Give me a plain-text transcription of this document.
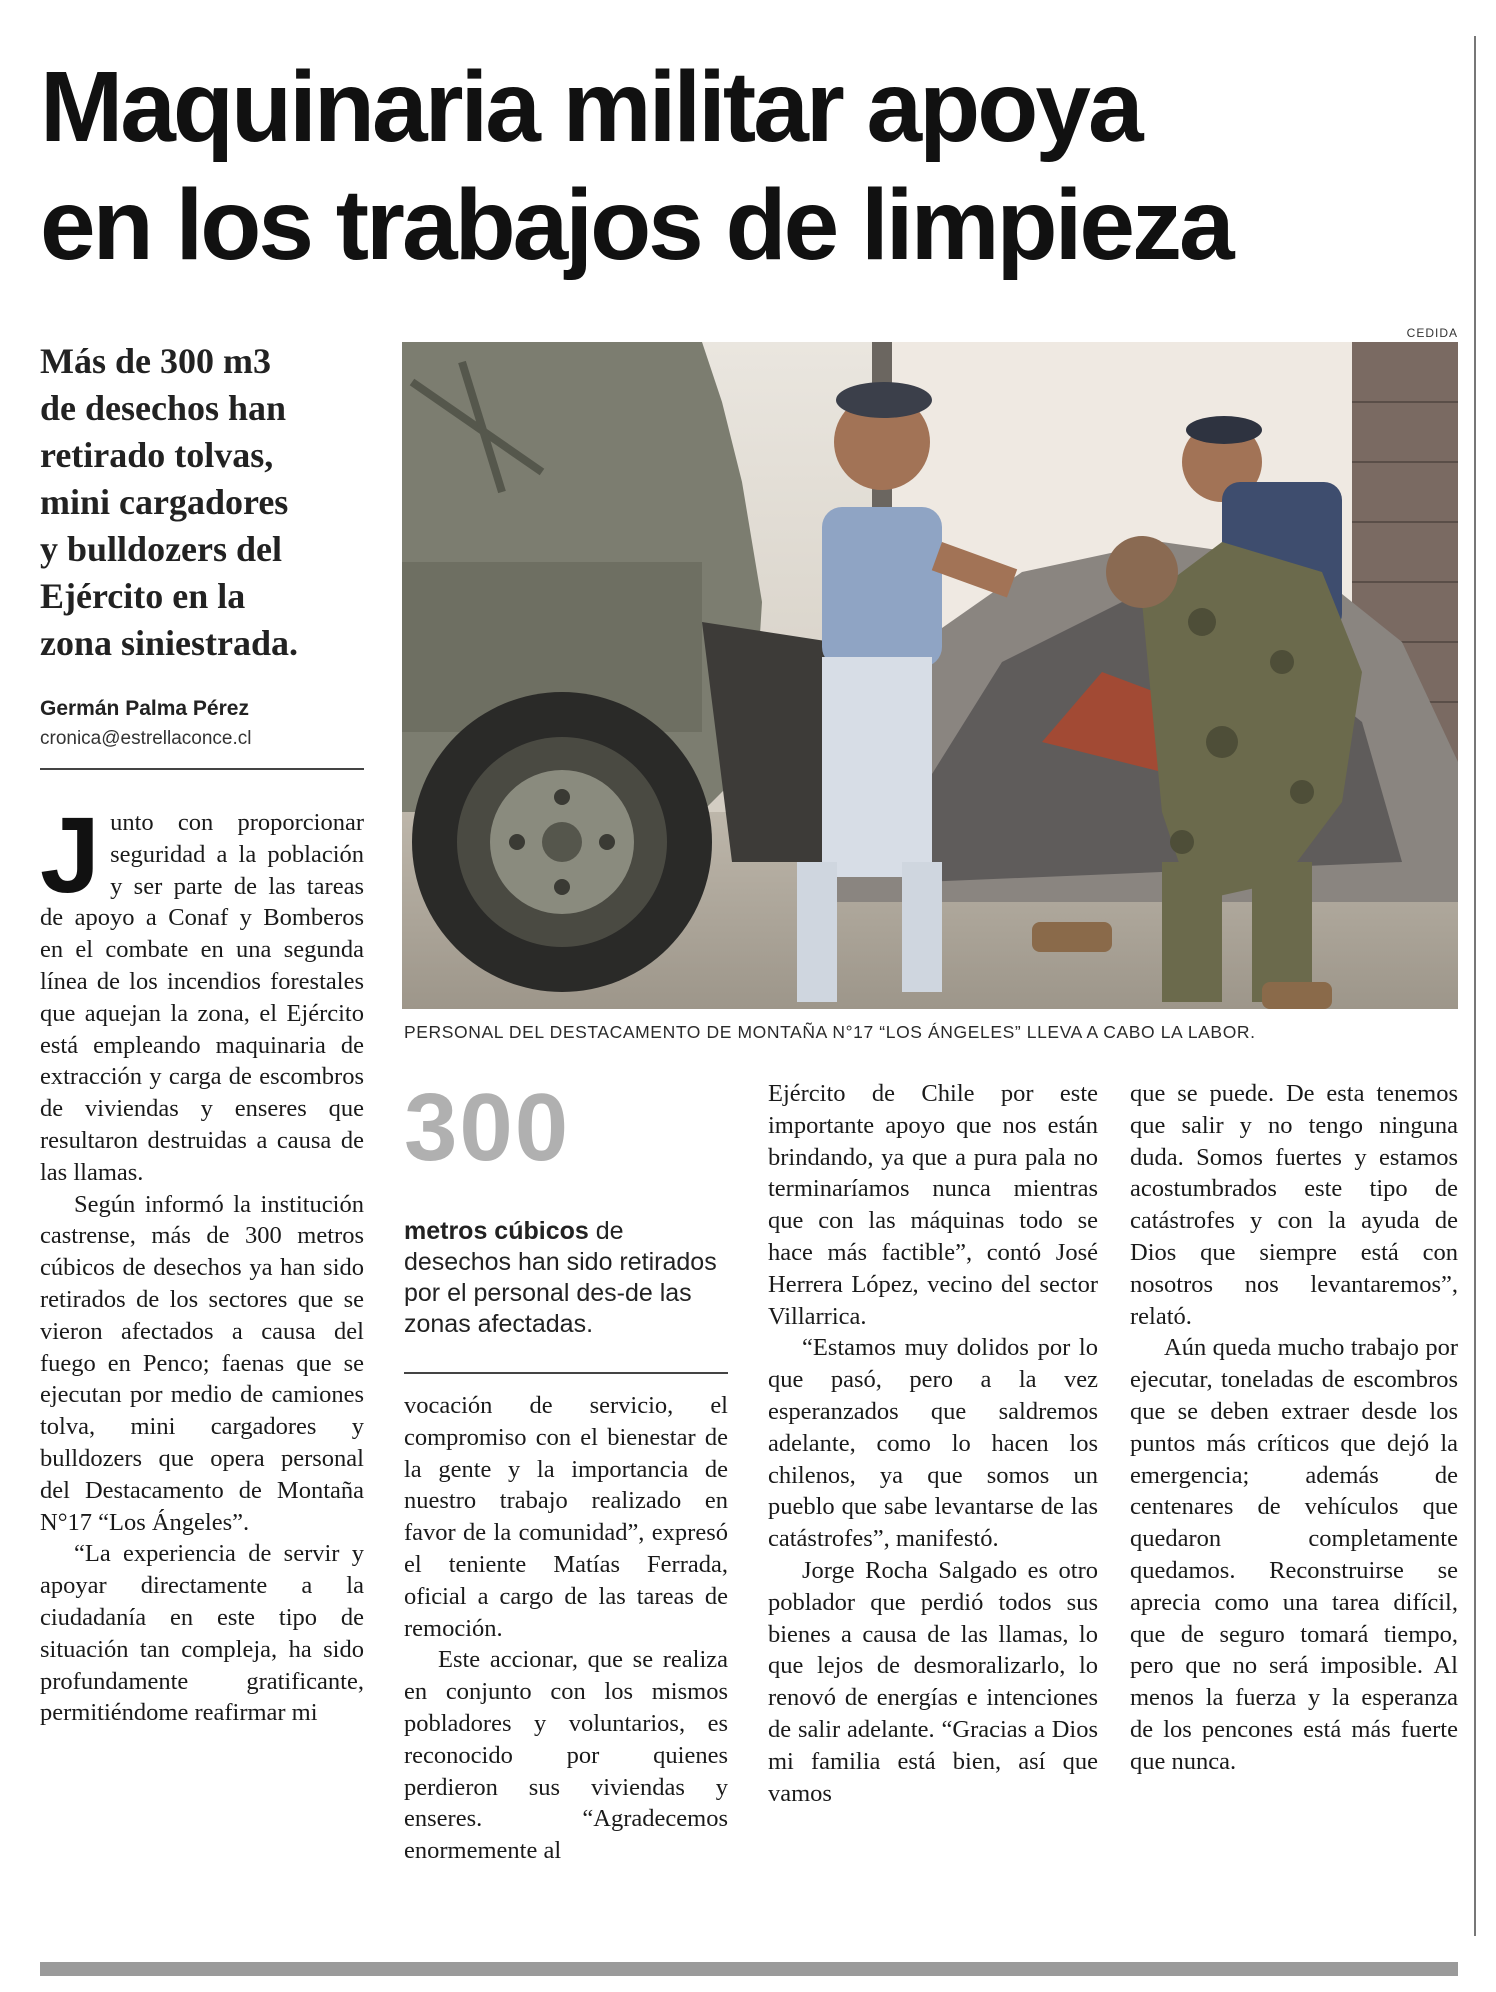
Maquinaria militar apoya
en los trabajos de limpieza
Más de 300 m3
de desechos han
retirado tolvas,
mini cargadores
y bulldozers del
Ejército en la
zona siniestrada.
Germán Palma Pérez
cronica@estrellaconce.cl
CEDIDA
PERSONAL DEL DESTACAMENTO DE MONTAÑA N°17 “LOS ÁNGELES” LLEVA A CABO LA LABOR.

Junto con proporcionar seguridad a la población y ser parte de las tareas de apoyo a Conaf y Bomberos en el combate en una segunda línea de los incendios forestales que aquejan la zona, el Ejército está empleando maquinaria de extracción y carga de escombros de viviendas y enseres que resultaron destruidas a causa de las llamas.

Según informó la institución castrense, más de 300 metros cúbicos de desechos ya han sido retirados de los sectores que se vieron afectados a causa del fuego en Penco; faenas que se ejecutan por medio de camiones tolva, mini cargadores y bulldozers que opera personal del Destacamento de Montaña N°17 “Los Ángeles”.

“La experiencia de servir y apoyar directamente a la ciudadanía en este tipo de situación tan compleja, ha sido profundamente gratificante, permitiéndome reafirmar mi

300
metros cúbicos de desechos han sido retirados por el personal des-de las zonas afectadas.

vocación de servicio, el compromiso con el bienestar de la gente y la importancia de nuestro trabajo realizado en favor de la comunidad”, expresó el teniente Matías Ferrada, oficial a cargo de las tareas de remoción.

Este accionar, que se realiza en conjunto con los mismos pobladores y voluntarios, es reconocido por quienes perdieron sus viviendas y enseres. “Agradecemos enormemente al

Ejército de Chile por este importante apoyo que nos están brindando, ya que a pura pala no terminaríamos nunca mientras que con las máquinas todo se hace más factible”, contó José Herrera López, vecino del sector Villarrica.

“Estamos muy dolidos por lo que pasó, pero a la vez esperanzados que saldremos adelante, como lo hacen los chilenos, ya que somos un pueblo que sabe levantarse de las catástrofes”, manifestó.

Jorge Rocha Salgado es otro poblador que perdió todos sus bienes a causa de las llamas, lo que lejos de desmoralizarlo, lo renovó de energías e intenciones de salir adelante. “Gracias a Dios mi familia está bien, así que vamos

que se puede. De esta tenemos que salir y no tengo ninguna duda. Somos fuertes y estamos acostumbrados este tipo de catástrofes y con la ayuda de Dios que siempre está con nosotros nos levantaremos”, relató.

Aún queda mucho trabajo por ejecutar, toneladas de escombros que se deben extraer desde los puntos más críticos que dejó la emergencia; además de centenares de vehículos que quedaron completamente quedamos. Reconstruirse se aprecia como una tarea difícil, que de seguro tomará tiempo, pero que no será imposible. Al menos la fuerza y la esperanza de los pencones está más fuerte que nunca.
